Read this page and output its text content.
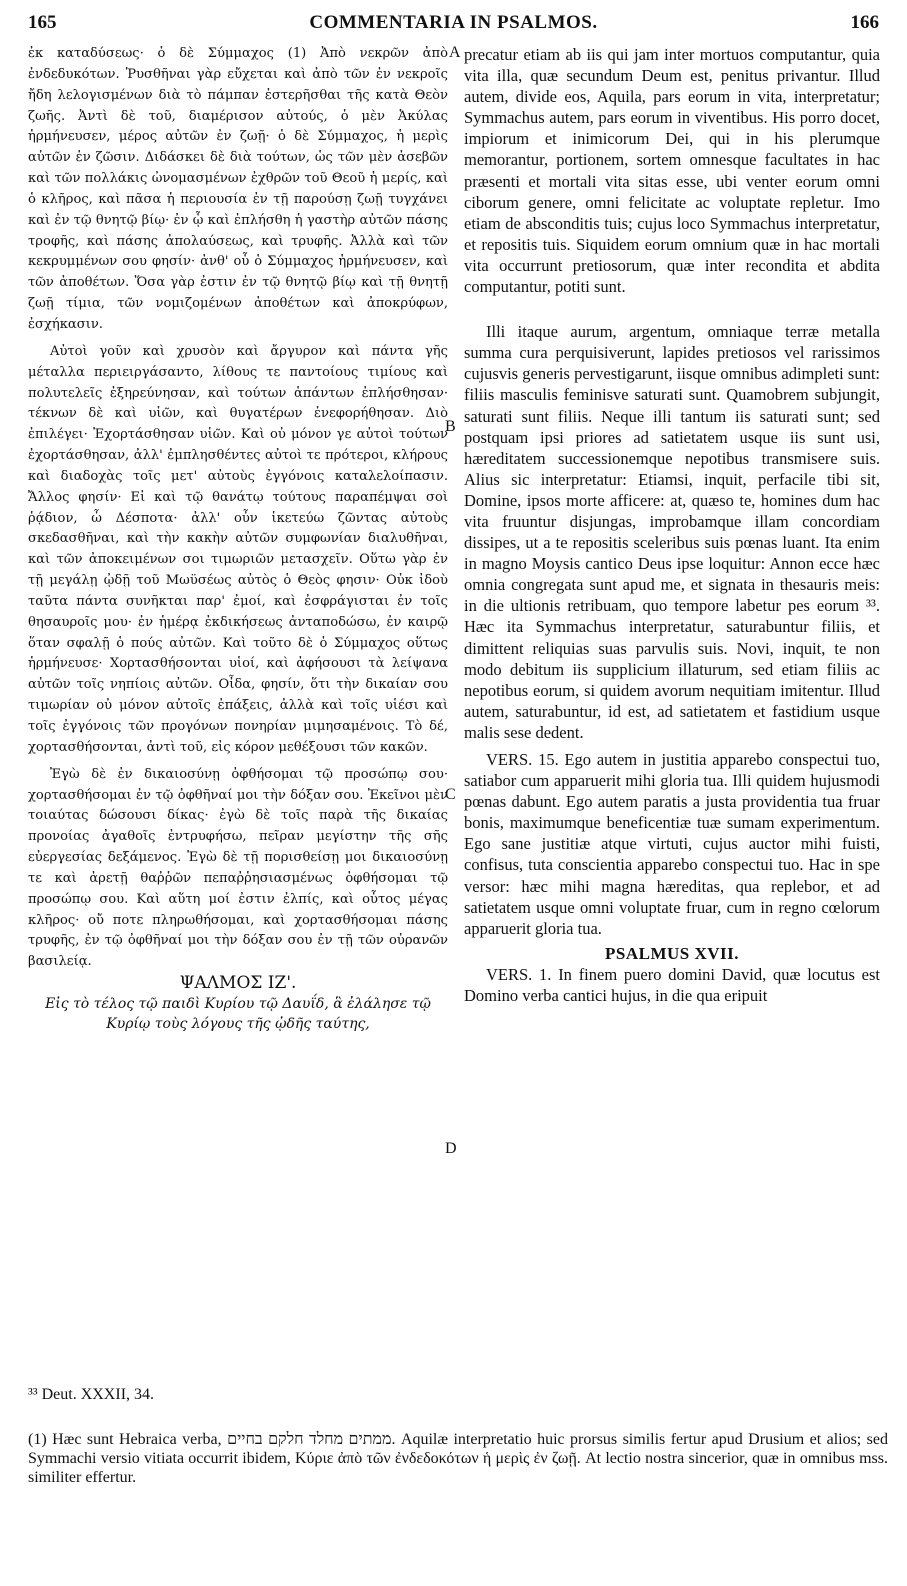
165	COMMENTARIA IN PSALMOS.	166

ἐκ καταδύσεως· ὁ δὲ Σύμμαχος (1) Ἀπὸ νεκρῶν ἀπὸ ἐνδεδυκότων. Ῥυσθῆναι γὰρ εὔχεται καὶ ἀπὸ τῶν ἐν νεκροῖς ἤδη λελογισμένων διὰ τὸ πάμπαν ἐστερῆσθαι τῆς κατὰ Θεὸν ζωῆς. Ἀντὶ δὲ τοῦ, διαμέρισον αὐτούς, ὁ μὲν Ἀκύλας ἡρμήνευσεν, μέρος αὐτῶν ἐν ζωῇ· ὁ δὲ Σύμμαχος, ἡ μερὶς αὐτῶν ἐν ζῶσιν. Διδάσκει δὲ διὰ τούτων, ὡς τῶν μὲν ἀσεβῶν καὶ τῶν πολλάκις ὠνομασμένων ἐχθρῶν τοῦ Θεοῦ ἡ μερίς, καὶ ὁ κλῆρος, καὶ πᾶσα ἡ περιουσία ἐν τῇ παρούσῃ ζωῇ τυγχάνει καὶ ἐν τῷ θνητῷ βίῳ· ἐν ᾧ καὶ ἐπλήσθη ἡ γαστὴρ αὐτῶν πάσης τροφῆς, καὶ πάσης ἀπολαύσεως, καὶ τρυφῆς. Ἀλλὰ καὶ τῶν κεκρυμμένων σου φησίν· ἀνθ' οὗ ὁ Σύμμαχος ἡρμήνευσεν, καὶ τῶν ἀποθέτων. Ὅσα γὰρ ἐστιν ἐν τῷ θνητῷ βίῳ καὶ τῇ θνητῇ ζωῇ τίμια, τῶν νομιζομένων ἀποθέτων καὶ ἀποκρύφων, ἐσχήκασιν.

Αὐτοὶ γοῦν καὶ χρυσὸν καὶ ἄργυρον καὶ πάντα γῆς μέταλλα περιειργάσαντο, λίθους τε παντοίους τιμίους καὶ πολυτελεῖς ἐξηρεύνησαν, καὶ τούτων ἁπάντων ἐπλήσθησαν· τέκνων δὲ καὶ υἱῶν, καὶ θυγατέρων ἐνεφορήθησαν. Διὸ ἐπιλέγει· Ἐχορτάσθησαν υἱῶν. Καὶ οὐ μόνον γε αὐτοὶ τούτων ἐχορτάσθησαν, ἀλλ' ἐμπλησθέντες αὐτοὶ τε πρότεροι, κλήρους καὶ διαδοχὰς τοῖς μετ' αὐτοὺς ἐγγόνοις καταλελοίπασιν. Ἄλλος φησίν· Εἰ καὶ τῷ θανάτῳ τούτους παραπέμψαι σοὶ ῥᾴδιον, ὦ Δέσποτα· ἀλλ' οὖν ἱκετεύω ζῶντας αὐτοὺς σκεδασθῆναι, καὶ τὴν κακὴν αὐτῶν συμφωνίαν διαλυθῆναι, καὶ τῶν ἀποκειμένων σοι τιμωριῶν μετασχεῖν. Οὕτω γὰρ ἐν τῇ μεγάλῃ ᾠδῇ τοῦ Μωϋσέως αὐτὸς ὁ Θεὸς φησιν· Οὐκ ἰδοὺ ταῦτα πάντα συνῆκται παρ' ἐμοί, καὶ ἐσφράγισται ἐν τοῖς θησαυροῖς μου· ἐν ἡμέρᾳ ἐκδικήσεως ἀνταποδώσω, ἐν καιρῷ ὅταν σφαλῇ ὁ πούς αὐτῶν. Καὶ τοῦτο δὲ ὁ Σύμμαχος οὕτως ἡρμήνευσε· Χορτασθήσονται υἱοί, καὶ ἀφήσουσι τὰ λείψανα αὐτῶν τοῖς νηπίοις αὐτῶν. Οἶδα, φησίν, ὅτι τὴν δικαίαν σου τιμωρίαν οὐ μόνον αὐτοῖς ἐπάξεις, ἀλλὰ καὶ τοῖς υἱέσι καὶ τοῖς ἐγγόνοις τῶν προγόνων πονηρίαν μιμησαμένοις. Τὸ δέ, χορτασθήσονται, ἀντὶ τοῦ, εἰς κόρον μεθέξουσι τῶν κακῶν.

Ἐγὼ δὲ ἐν δικαιοσύνῃ ὀφθήσομαι τῷ προσώπῳ σου· χορτασθήσομαι ἐν τῷ ὀφθῆναί μοι τὴν δόξαν σου. Ἐκεῖνοι μὲν τοιαύτας δώσουσι δίκας· ἐγὼ δὲ τοῖς παρὰ τῆς δικαίας προνοίας ἀγαθοῖς ἐντρυφήσω, πεῖραν μεγίστην τῆς σῆς εὐεργεσίας δεξάμενος. Ἐγὼ δὲ τῇ πορισθείσῃ μοι δικαιοσύνῃ τε καὶ ἀρετῇ θαῤῥῶν πεπαῤῥησιασμένως ὀφθήσομαι τῷ προσώπῳ σου. Καὶ αὕτη μοί ἐστιν ἐλπίς, καὶ οὗτος μέγας κλῆρος· οὔ ποτε πληρωθήσομαι, καὶ χορτασθήσομαι πάσης τρυφῆς, ἐν τῷ ὀφθῆναί μοι τὴν δόξαν σου ἐν τῇ τῶν οὐρανῶν βασιλείᾳ.

ΨΑΛΜΟΣ ΙΖ'.

Εἰς τὸ τέλος τῷ παιδὶ Κυρίου τῷ Δαυΐδ, ἃ ἐλάλησε τῷ Κυρίῳ τοὺς λόγους τῆς ᾠδῆς ταύτης,

precatur etiam ab iis qui jam inter mortuos computantur, quia vita illa, quæ secundum Deum est, penitus privantur. Illud autem, divide eos, Aquila, pars eorum in vita, interpretatur; Symmachus autem, pars eorum in viventibus. His porro docet, impiorum et inimicorum Dei, qui in his plerumque memorantur, portionem, sortem omnesque facultates in hac præsenti et mortali vita sitas esse, ubi venter eorum omni ciborum genere, omni felicitate ac voluptate repletur. Imo etiam de absconditis tuis; cujus loco Symmachus interpretatur, et repositis tuis. Siquidem eorum omnium quæ in hac mortali vita occurrunt pretiosorum, quæ inter recondita et abdita computantur, potiti sunt.

Illi itaque aurum, argentum, omniaque terræ metalla summa cura perquisiverunt, lapides pretiosos vel rarissimos cujusvis generis pervestigarunt, iisque omnibus adimpleti sunt: filiis masculis feminisve saturati sunt. Quamobrem subjungit, saturati sunt filiis. Neque illi tantum iis saturati sunt; sed postquam ipsi priores ad satietatem usque iis sunt usi, hæreditatem successionemque nepotibus transmisere suis. Alius sic interpretatur: Etiamsi, inquit, perfacile tibi sit, Domine, ipsos morte afficere: at, quæso te, homines dum hac vita fruuntur disjungas, improbamque illam concordiam dissipes, ut a te repositis sceleribus suis pœnas luant. Ita enim in magno Moysis cantico Deus ipse loquitur: Annon ecce hæc omnia congregata sunt apud me, et signata in thesauris meis: in die ultionis retribuam, quo tempore labetur pes eorum ³³. Hæc ita Symmachus interpretatur, saturabuntur filiis, et dimittent reliquias suas parvulis suis. Novi, inquit, te non modo debitum iis supplicium illaturum, sed etiam filiis ac nepotibus eorum, si quidem avorum nequitiam imitentur. Illud autem, saturabuntur, id est, ad satietatem et fastidium usque malis sese dedent.

VERS. 15. Ego autem in justitia apparebo conspectui tuo, satiabor cum apparuerit mihi gloria tua. Illi quidem hujusmodi pœnas dabunt. Ego autem paratis a justa providentia tua fruar bonis, maximumque beneficentiæ tuæ sumam experimentum. Ego sane justitiæ atque virtuti, cujus auctor mihi fuisti, confisus, tuta conscientia apparebo conspectui tuo. Hac in spe versor: hæc mihi magna hæreditas, qua replebor, et ad satietatem usque omni voluptate fruar, cum in regno cœlorum apparuerit gloria tua.

PSALMUS XVII.

VERS. 1. In finem puero domini David, quæ locutus est Domino verba cantici hujus, in die qua eripuit

A
B
C
D
³³ Deut. XXXII, 34.
(1) Hæc sunt Hebraica verba, ממתים מחלד חלקם בחיים. Aquilæ interpretatio huic prorsus similis fertur apud Drusium et alios; sed Symmachi versio vitiata occurrit ibidem, Κύριε ἀπὸ τῶν ἐνδεδοκότων ἡ μερὶς ἐν ζωῇ. At lectio nostra sincerior, quæ in omnibus mss. similiter effertur.
